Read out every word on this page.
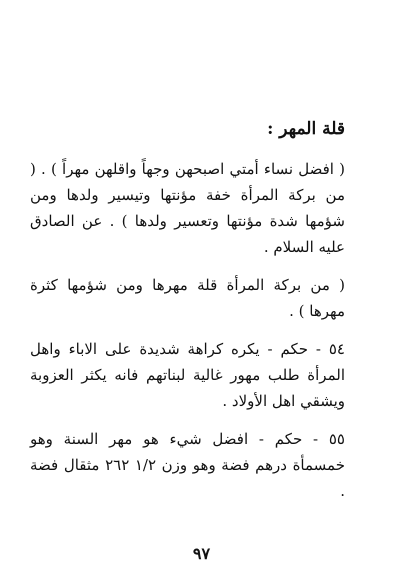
قلة المهر :

( افضل نساء أمتي اصبحهن وجهاً واقلهن مهراً ) . ( من بركة المرأة خفة مؤنتها وتيسير ولدها ومن شؤمها شدة مؤنتها وتعسير ولدها ) . عن الصادق عليه السلام .

( من بركة المرأة قلة مهرها ومن شؤمها كثرة مهرها ) .

٥٤ - حكم - يكره كراهة شديدة على الاباء واهل المرأة طلب مهور غالية لبناتهم فانه يكثر العزوبة ويشقي اهل الأولاد .

٥٥ - حكم - افضل شيء هو مهر السنة وهو خمسمأة درهم فضة وهو وزن ١/٢ ٢٦٢ مثقال فضة .

٩٧
